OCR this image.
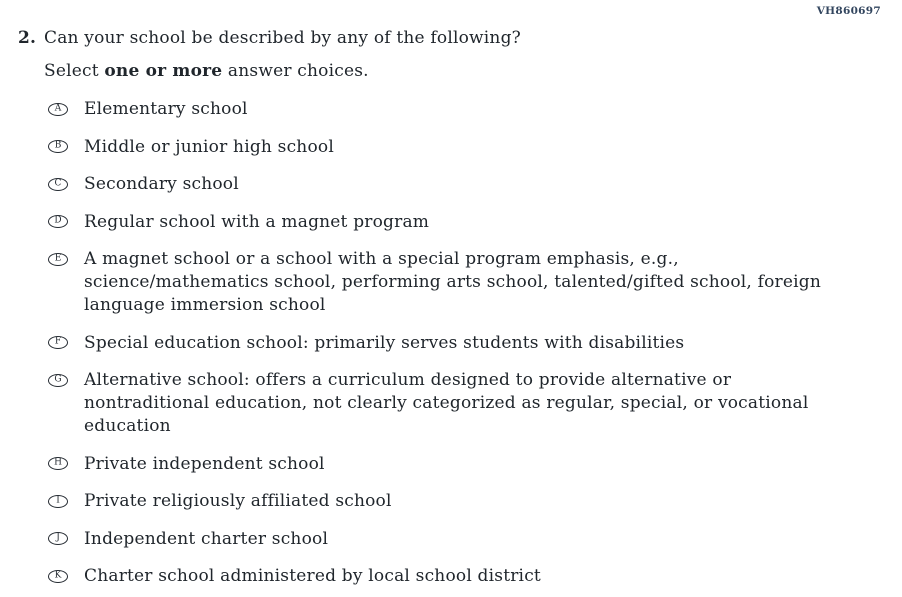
VH860697
2. Can your school be described by any of the following?
Select one or more answer choices.
A Elementary school
B Middle or junior high school
C Secondary school
D Regular school with a magnet program
E A magnet school or a school with a special program emphasis, e.g., science/mathematics school, performing arts school, talented/gifted school, foreign language immersion school
F Special education school: primarily serves students with disabilities
G Alternative school: offers a curriculum designed to provide alternative or nontraditional education, not clearly categorized as regular, special, or vocational education
H Private independent school
I Private religiously affiliated school
J Independent charter school
K Charter school administered by local school district
